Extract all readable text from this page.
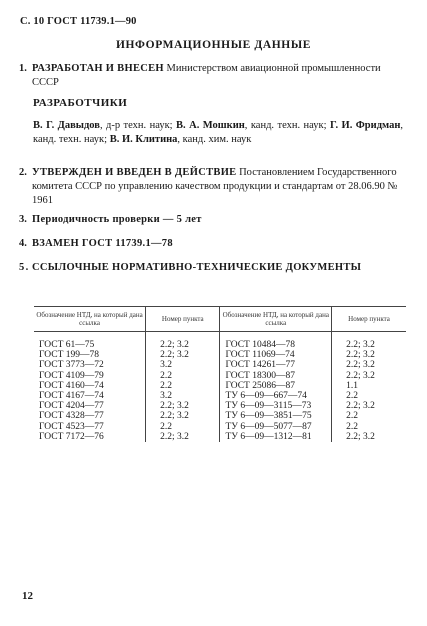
С. 10 ГОСТ 11739.1—90
ИНФОРМАЦИОННЫЕ ДАННЫЕ
1. РАЗРАБОТАН И ВНЕСЕН Министерством авиационной промышленности СССР
РАЗРАБОТЧИКИ
В. Г. Давыдов, д-р техн. наук; В. А. Мошкин, канд. техн. наук; Г. И. Фридман, канд. техн. наук; В. И. Клитина, канд. хим. наук
2. УТВЕРЖДЕН И ВВЕДЕН В ДЕЙСТВИЕ Постановлением Государственного комитета СССР по управлению качеством продукции и стандартам от 28.06.90 № 1961
3. Периодичность проверки — 5 лет
4. ВЗАМЕН ГОСТ 11739.1—78
5. ССЫЛОЧНЫЕ НОРМАТИВНО-ТЕХНИЧЕСКИЕ ДОКУМЕНТЫ
Обозначение НТД, на который дана ссылка	Номер пункта	Обозначение НТД, на который дана ссылка	Номер пункта
ГОСТ 61—75	2.2; 3.2	ГОСТ 10484—78	2.2; 3.2
ГОСТ 199—78	2.2; 3.2	ГОСТ 11069—74	2.2; 3.2
ГОСТ 3773—72	3.2	ГОСТ 14261—77	2.2; 3.2
ГОСТ 4109—79	2.2	ГОСТ 18300—87	2.2; 3.2
ГОСТ 4160—74	2.2	ГОСТ 25086—87	1.1
ГОСТ 4167—74	3.2	ТУ 6—09—667—74	2.2
ГОСТ 4204—77	2.2; 3.2	ТУ 6—09—3115—73	2.2; 3.2
ГОСТ 4328—77	2.2; 3.2	ТУ 6—09—3851—75	2.2
ГОСТ 4523—77	2.2	ТУ 6—09—5077—87	2.2
ГОСТ 7172—76	2.2; 3.2	ТУ 6—09—1312—81	2.2; 3.2
12
